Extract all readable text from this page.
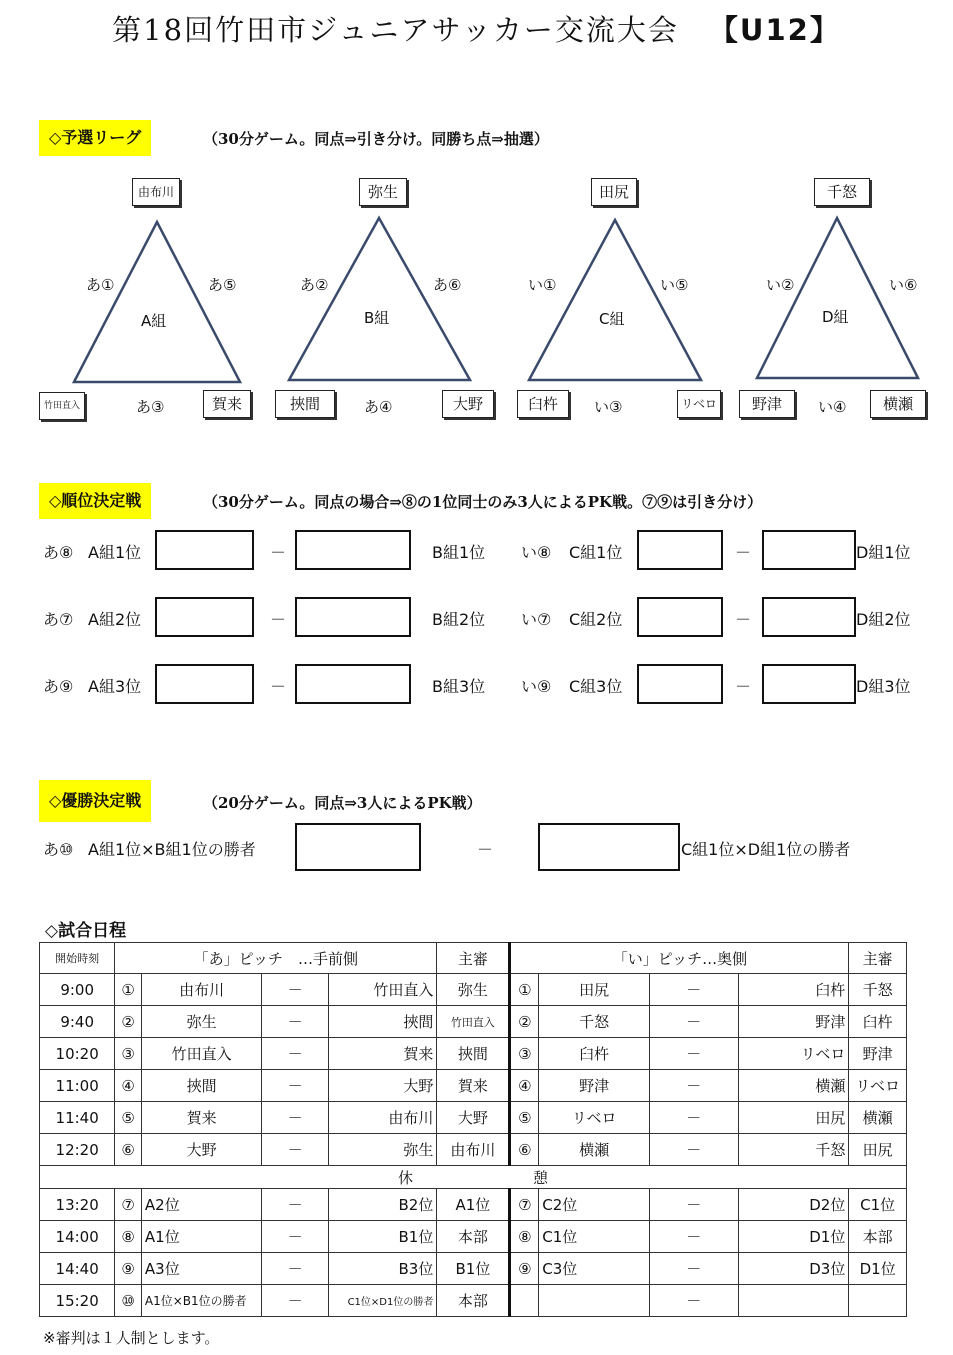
第18回竹田市ジュニアサッカー交流大会 【U12】
◇予選リーグ	（30分ゲーム。同点⇒引き分け。同勝ち点⇒抽選）
由布川
あ①	あ⑤
A組
竹田直入	あ③	賀来
弥生
あ②	あ⑥
B組
挾間	あ④	大野
田尻
い①	い⑤
C組
臼杵	い③	リベロ
千怒
い②	い⑥
D組
野津	い④	横瀬
◇順位決定戦	（30分ゲーム。同点の場合⇒⑧の1位同士のみ3人によるPK戦。⑦⑨は引き分け）
あ⑧ A組1位	－	B組1位 い⑧ C組1位	－	D組1位
あ⑦ A組2位	－	B組2位 い⑦ C組2位	－	D組2位
あ⑨ A組3位	－	B組3位 い⑨ C組3位	－	D組3位
◇優勝決定戦	（20分ゲーム。同点⇒3人によるPK戦）
あ⑩ A組1位×B組1位の勝者	－	C組1位×D組1位の勝者
◇試合日程
開始時刻	「あ」ピッチ　…手前側				主審	「い」ピッチ…奥側				主審
9:00	①	由布川	－	竹田直入	弥生	①	田尻	－	臼杵	千怒
9:40	②	弥生	－	挾間	竹田直入	②	千怒	－	野津	臼杵
10:20	③	竹田直入	－	賀来	挾間	③	臼杵	－	リベロ	野津
11:00	④	挾間	－	大野	賀来	④	野津	－	横瀬	リベロ
11:40	⑤	賀来	－	由布川	大野	⑤	リベロ	－	田尻	横瀬
12:20	⑥	大野	－	弥生	由布川	⑥	横瀬	－	千怒	田尻
休　　　　　　　　憩										
13:20	⑦	A2位	－	B2位	A1位	⑦	C2位	－	D2位	C1位
14:00	⑧	A1位	－	B1位	本部	⑧	C1位	－	D1位	本部
14:40	⑨	A3位	－	B3位	B1位	⑨	C3位	－	D3位	D1位
15:20	⑩	A1位×B1位の勝者	－	C1位×D1位の勝者	本部			－		
※審判は１人制とします。
